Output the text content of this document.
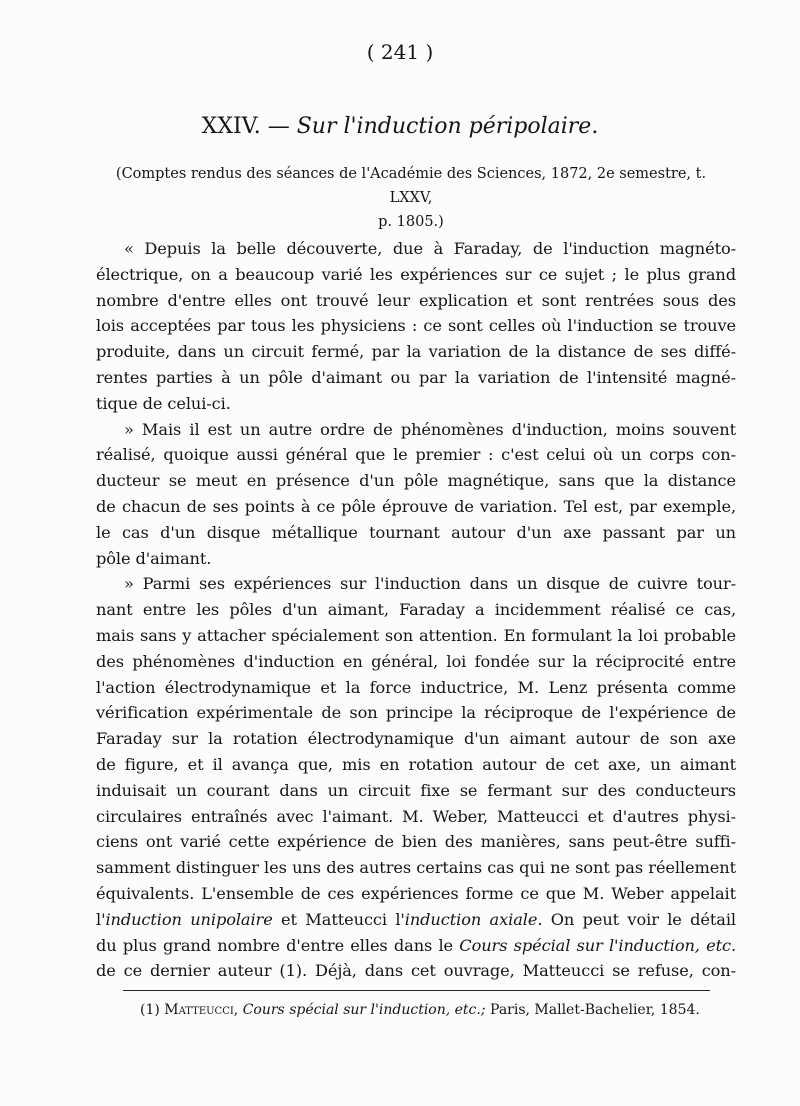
( 241 )
XXIV. — Sur l'induction péripolaire.
(Comptes rendus des séances de l'Académie des Sciences, 1872, 2e semestre, t. LXXV,
p. 1805.)
« Depuis la belle découverte, due à Faraday, de l'induction magnéto-
électrique, on a beaucoup varié les expériences sur ce sujet ; le plus grand
nombre d'entre elles ont trouvé leur explication et sont rentrées sous des
lois acceptées par tous les physiciens : ce sont celles où l'induction se trouve
produite, dans un circuit fermé, par la variation de la distance de ses diffé-
rentes parties à un pôle d'aimant ou par la variation de l'intensité magné-
tique de celui-ci.
» Mais il est un autre ordre de phénomènes d'induction, moins souvent
réalisé, quoique aussi général que le premier : c'est celui où un corps con-
ducteur se meut en présence d'un pôle magnétique, sans que la distance
de chacun de ses points à ce pôle éprouve de variation. Tel est, par exemple,
le cas d'un disque métallique tournant autour d'un axe passant par un
pôle d'aimant.
» Parmi ses expériences sur l'induction dans un disque de cuivre tour-
nant entre les pôles d'un aimant, Faraday a incidemment réalisé ce cas,
mais sans y attacher spécialement son attention. En formulant la loi probable
des phénomènes d'induction en général, loi fondée sur la réciprocité entre
l'action électrodynamique et la force inductrice, M. Lenz présenta comme
vérification expérimentale de son principe la réciproque de l'expérience de
Faraday sur la rotation électrodynamique d'un aimant autour de son axe
de figure, et il avança que, mis en rotation autour de cet axe, un aimant
induisait un courant dans un circuit fixe se fermant sur des conducteurs
circulaires entraînés avec l'aimant. M. Weber, Matteucci et d'autres physi-
ciens ont varié cette expérience de bien des manières, sans peut-être suffi-
samment distinguer les uns des autres certains cas qui ne sont pas réellement
équivalents. L'ensemble de ces expériences forme ce que M. Weber appelait
l'induction unipolaire et Matteucci l'induction axiale. On peut voir le détail
du plus grand nombre d'entre elles dans le Cours spécial sur l'induction, etc.
de ce dernier auteur (1). Déjà, dans cet ouvrage, Matteucci se refuse, con-
(1) Matteucci, Cours spécial sur l'induction, etc.; Paris, Mallet-Bachelier, 1854.
